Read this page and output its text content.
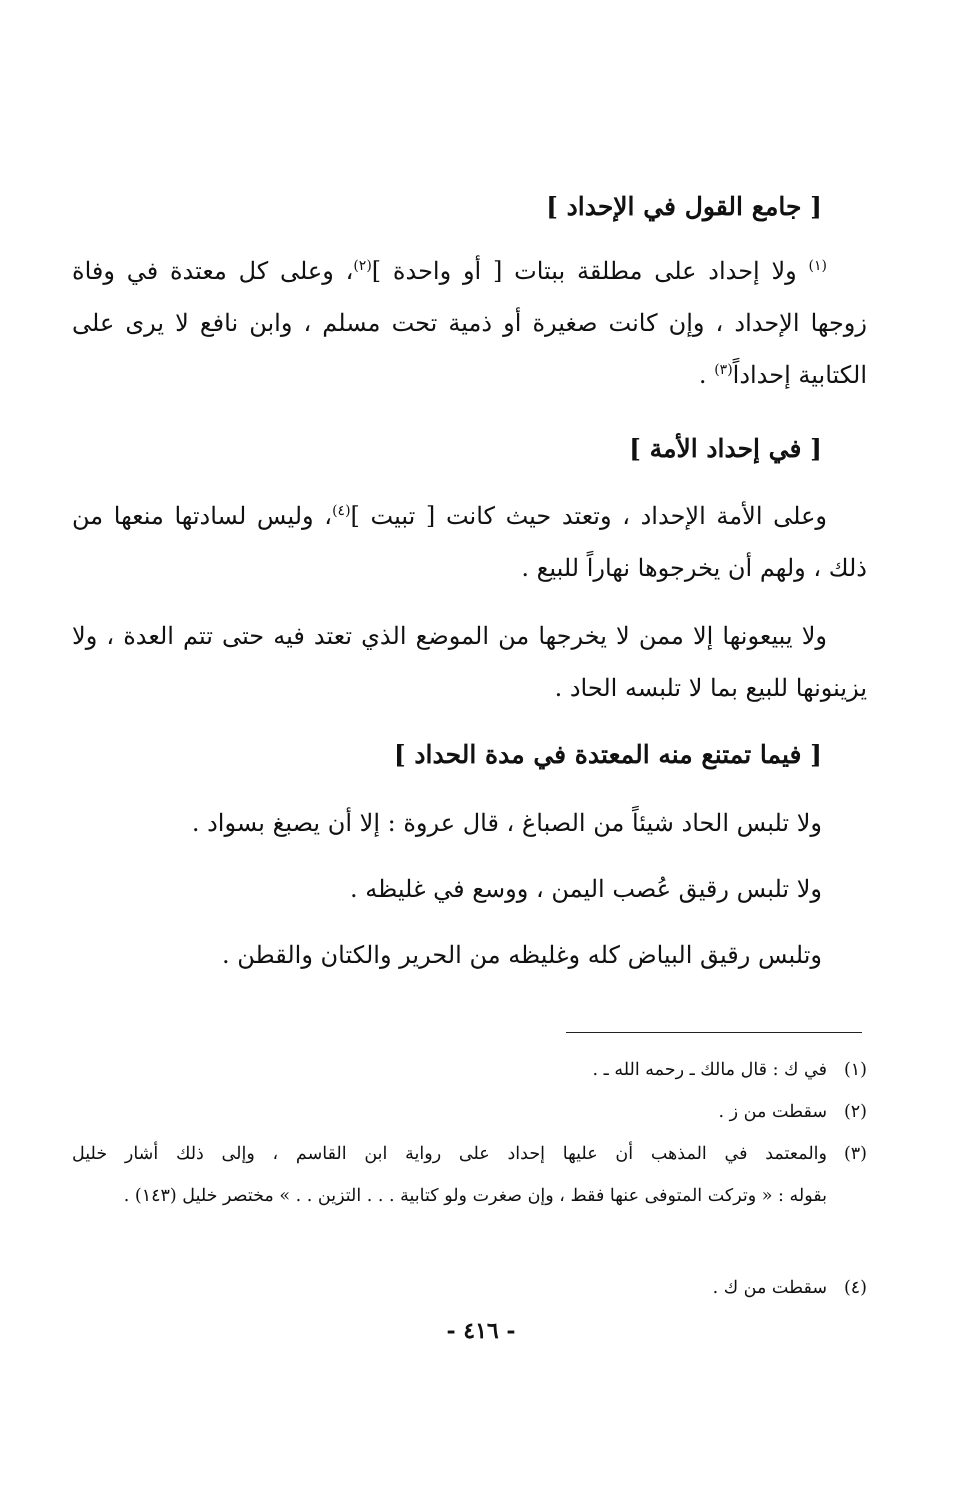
[ جامع القول في الإحداد ]
$^{(١)}$ ولا إحداد على مطلقة ببتات [ أو واحدة ]$^{(٢)}$، وعلى كل معتدة في وفاة زوجها الإحداد ، وإن كانت صغيرة أو ذمية تحت مسلم ، وابن نافع لا يرى على الكتابية إحداداً$^{(٣)}$ .
[ في إحداد الأمة ]
وعلى الأمة الإحداد ، وتعتد حيث كانت [ تبيت ]$^{(٤)}$، وليس لسادتها منعها من ذلك ، ولهم أن يخرجوها نهاراً للبيع .
ولا يبيعونها إلا ممن لا يخرجها من الموضع الذي تعتد فيه حتى تتم العدة ، ولا يزينونها للبيع بما لا تلبسه الحاد .
[ فيما تمتنع منه المعتدة في مدة الحداد ]
ولا تلبس الحاد شيئاً من الصباغ ، قال عروة : إلا أن يصبغ بسواد .
ولا تلبس رقيق عُصب اليمن ، ووسع في غليظه .
وتلبس رقيق البياض كله وغليظه من الحرير والكتان والقطن .
(١)في ك : قال مالك ـ رحمه الله ـ .
(٢)سقطت من ز .
(٣)والمعتمد في المذهب أن عليها إحداد على رواية ابن القاسم ، وإلى ذلك أشار خليل
بقوله : « وتركت المتوفى عنها فقط ، وإن صغرت ولو كتابية . . . التزين . . » مختصر خليل (١٤٣) .
(٤)سقطت من ك .
- ٤١٦ -
